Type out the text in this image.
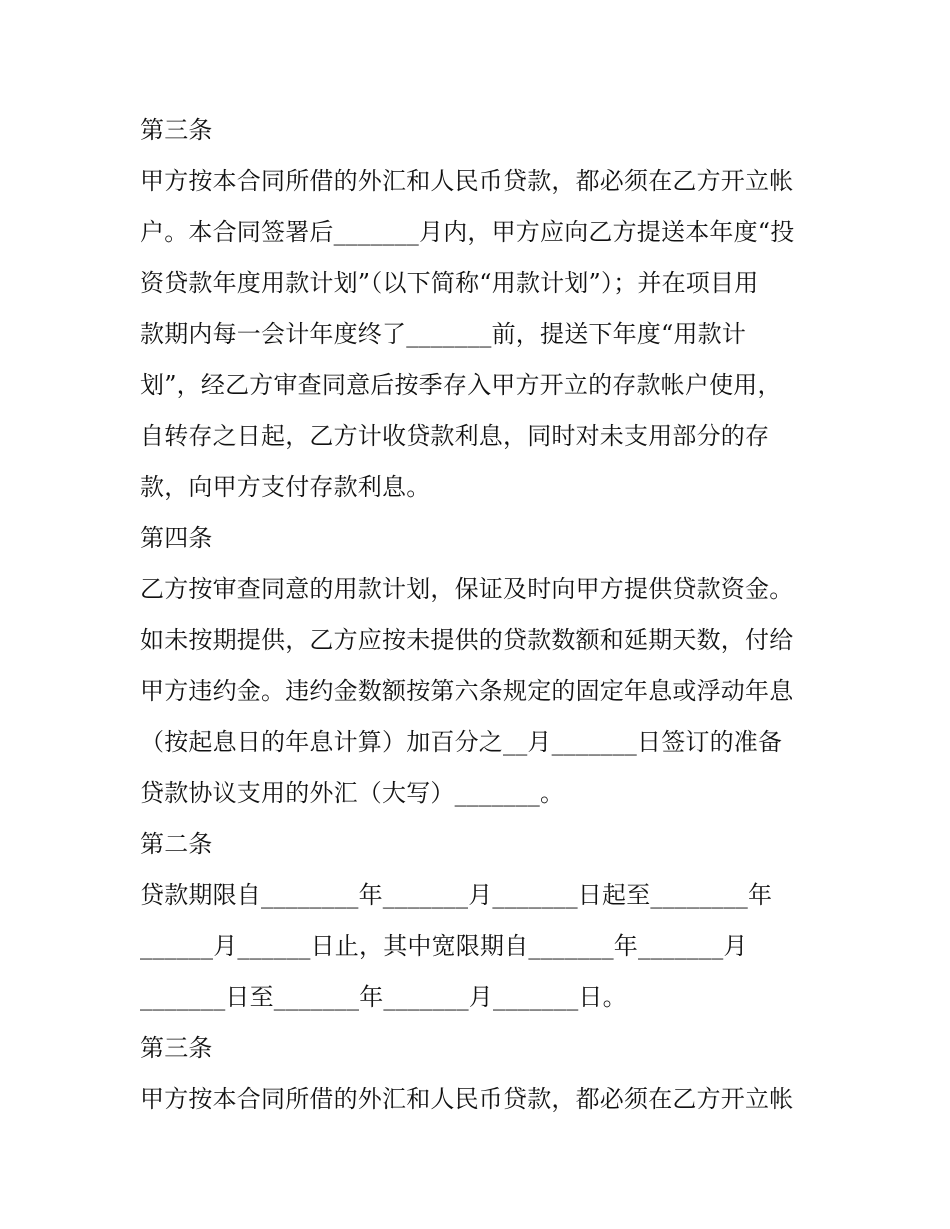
第三条
甲方按本合同所借的外汇和人民币贷款，都必须在乙方开立帐
户。本合同签署后_______月内，甲方应向乙方提送本年度“投
资贷款年度用款计划”（以下简称“用款计划”）；并在项目用
款期内每一会计年度终了_______前，提送下年度“用款计
划”，经乙方审查同意后按季存入甲方开立的存款帐户使用，
自转存之日起，乙方计收贷款利息，同时对未支用部分的存
款，向甲方支付存款利息。
第四条
乙方按审查同意的用款计划，保证及时向甲方提供贷款资金。
如未按期提供，乙方应按未提供的贷款数额和延期天数，付给
甲方违约金。违约金数额按第六条规定的固定年息或浮动年息
（按起息日的年息计算）加百分之__月_______日签订的准备
贷款协议支用的外汇（大写）_______。
第二条
贷款期限自________年_______月_______日起至________年
______月______日止，其中宽限期自_______年_______月
_______日至_______年_______月_______日。
第三条
甲方按本合同所借的外汇和人民币贷款，都必须在乙方开立帐
